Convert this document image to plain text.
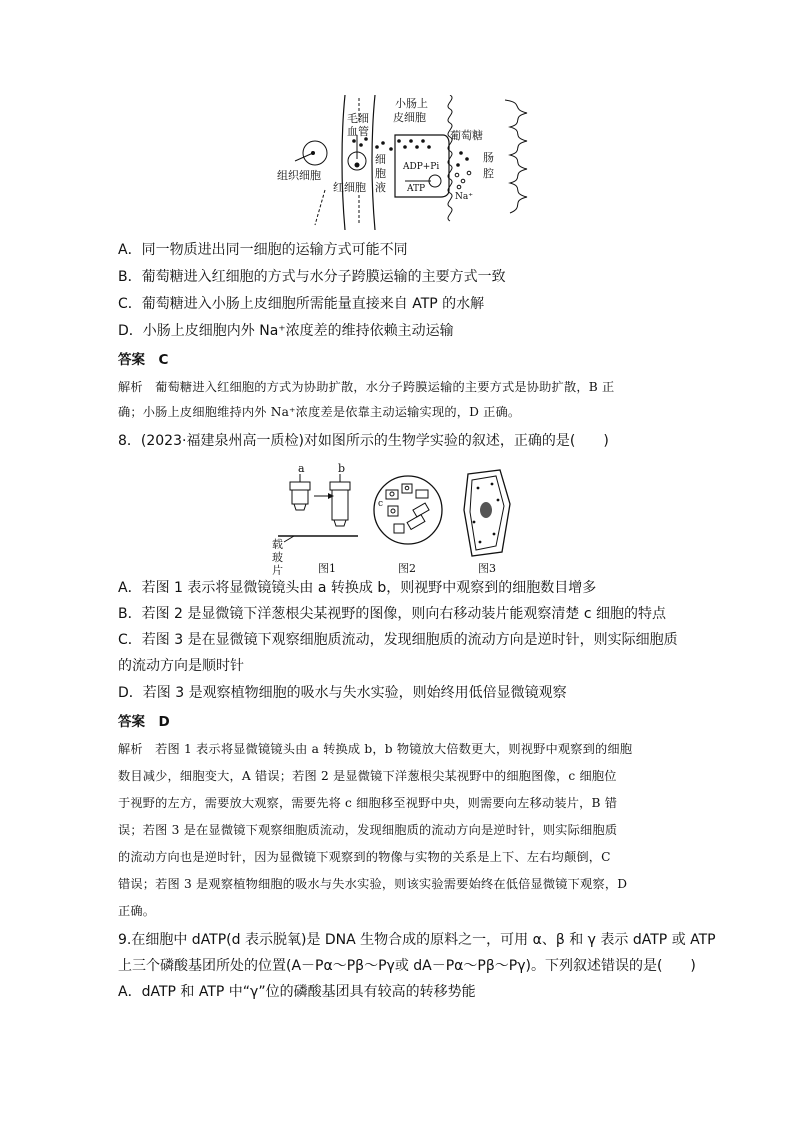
毛细
血管
小肠上
皮细胞
葡萄糖
肠
腔
细
胞
液
ADP+Pi
ATP
Na⁺
组织细胞
红细胞
A．同一物质进出同一细胞的运输方式可能不同
B．葡萄糖进入红细胞的方式与水分子跨膜运输的主要方式一致
C．葡萄糖进入小肠上皮细胞所需能量直接来自 ATP 的水解
D．小肠上皮细胞内外 Na⁺浓度差的维持依赖主动运输
答案　C
解析　葡萄糖进入红细胞的方式为协助扩散，水分子跨膜运输的主要方式是协助扩散，B 正
确；小肠上皮细胞维持内外 Na⁺浓度差是依靠主动运输实现的，D 正确。
8．(2023·福建泉州高一质检)对如图所示的生物学实验的叙述，正确的是(　　)
a	b
载
玻
片	图1
c
图2	图3
A．若图 1 表示将显微镜镜头由 a 转换成 b，则视野中观察到的细胞数目增多
B．若图 2 是显微镜下洋葱根尖某视野的图像，则向右移动装片能观察清楚 c 细胞的特点
C．若图 3 是在显微镜下观察细胞质流动，发现细胞质的流动方向是逆时针，则实际细胞质
的流动方向是顺时针
D．若图 3 是观察植物细胞的吸水与失水实验，则始终用低倍显微镜观察
答案　D
解析　若图 1 表示将显微镜镜头由 a 转换成 b，b 物镜放大倍数更大，则视野中观察到的细胞
数目减少，细胞变大，A 错误；若图 2 是显微镜下洋葱根尖某视野中的细胞图像，c 细胞位
于视野的左方，需要放大观察，需要先将 c 细胞移至视野中央，则需要向左移动装片，B 错
误；若图 3 是在显微镜下观察细胞质流动，发现细胞质的流动方向是逆时针，则实际细胞质
的流动方向也是逆时针，因为显微镜下观察到的物像与实物的关系是上下、左右均颠倒，C
错误；若图 3 是观察植物细胞的吸水与失水实验，则该实验需要始终在低倍显微镜下观察，D
正确。
9.在细胞中 dATP(d 表示脱氧)是 DNA 生物合成的原料之一，可用 α、β 和 γ 表示 dATP 或 ATP
上三个磷酸基团所处的位置(A－Pα～Pβ～Pγ或 dA－Pα～Pβ～Pγ)。下列叙述错误的是(　　)
A．dATP 和 ATP 中“γ”位的磷酸基团具有较高的转移势能
